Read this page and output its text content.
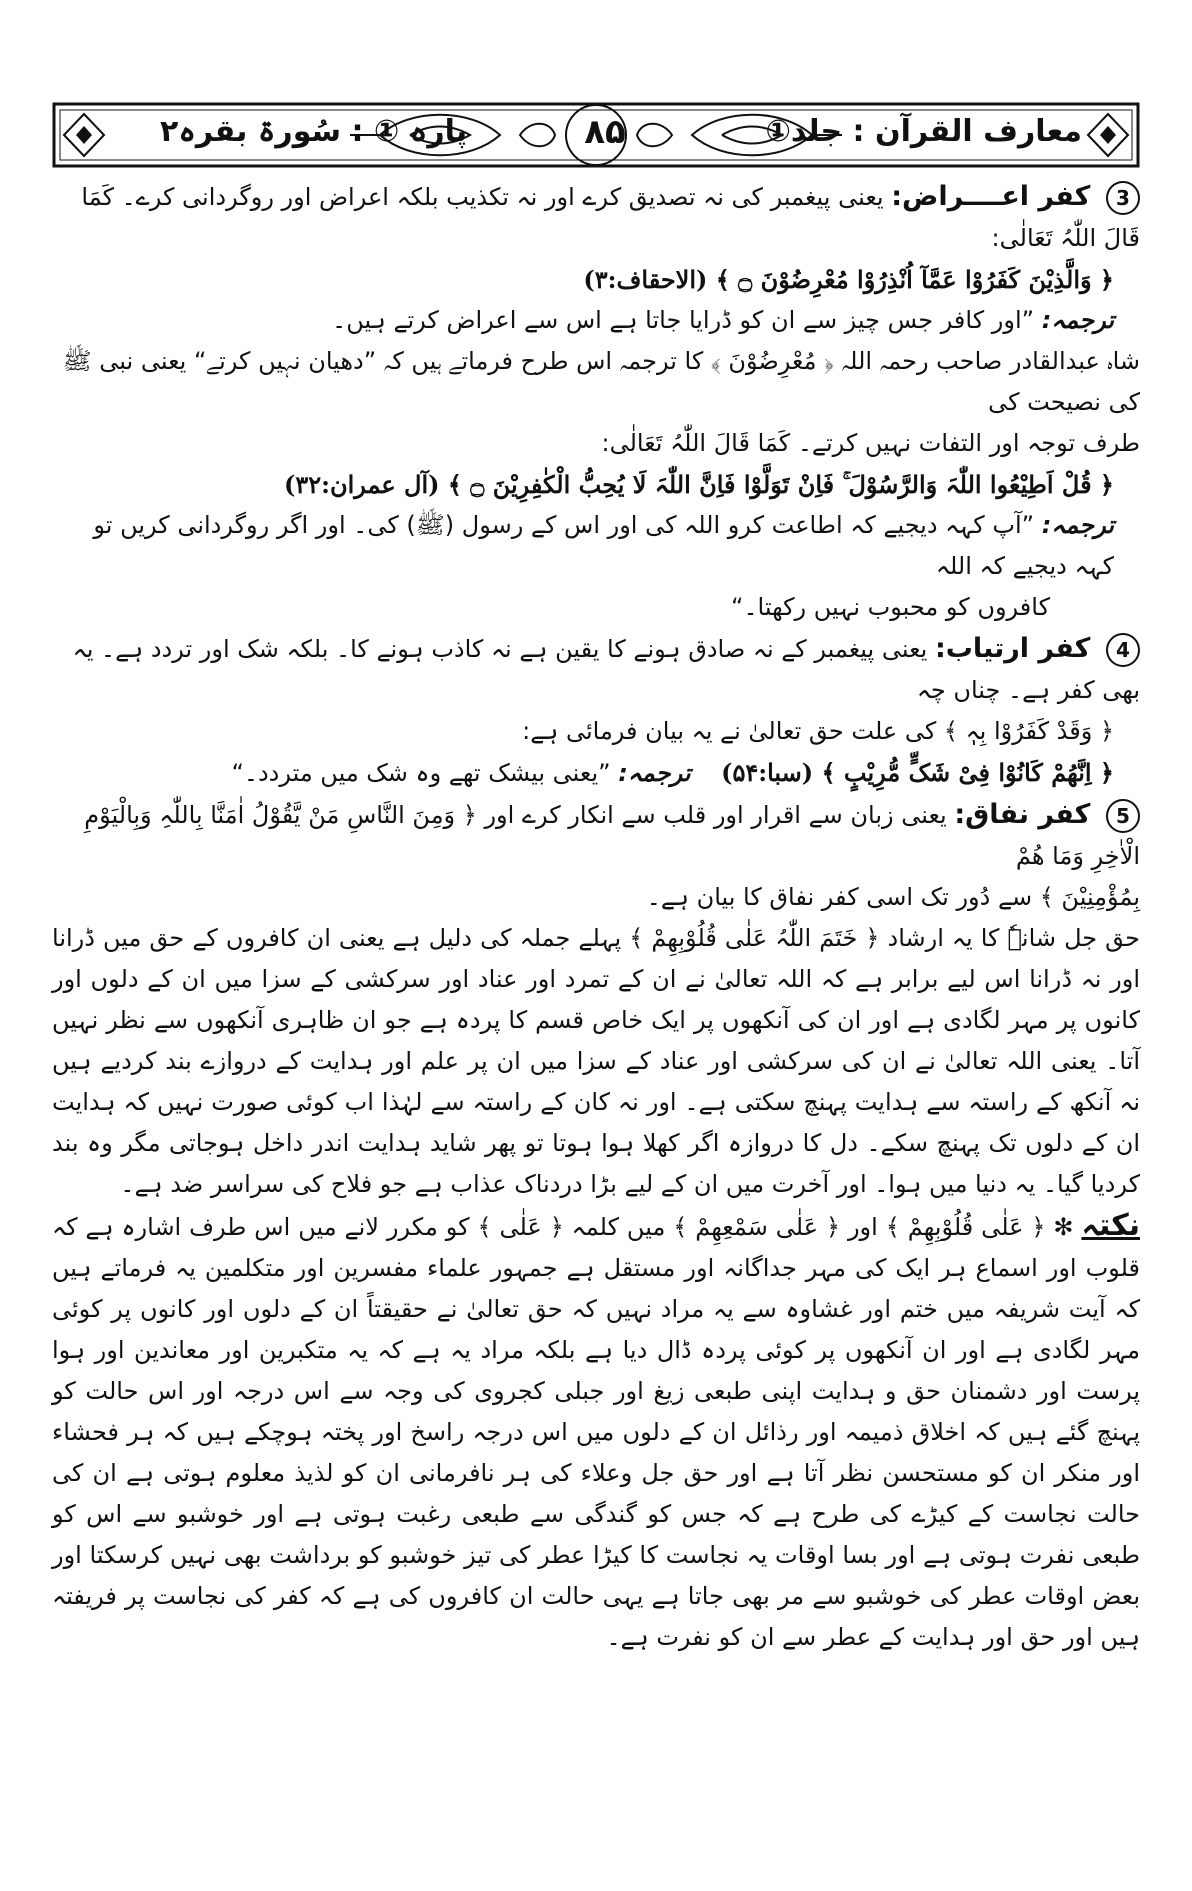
معارف القرآن : جلد①
۸۵
پارہ ① : سُورۃ بقرہ۲

3 کفر اعــــراض: یعنی پیغمبر کی نہ تصدیق کرے اور نہ تکذیب بلکہ اعراض اور روگردانی کرے۔ کَمَا قَالَ اللّٰہُ تَعَالٰی:

﴿ وَالَّذِیْنَ کَفَرُوْا عَمَّآ اُنْذِرُوْا مُعْرِضُوْنَ ۝ ﴾ (الاحقاف:۳)

ترجمہ: ”اور کافر جس چیز سے ان کو ڈرایا جاتا ہے اس سے اعراض کرتے ہیں۔

شاہ عبدالقادر صاحب رحمہ اللہ ﴿ مُعْرِضُوْنَ ﴾ کا ترجمہ اس طرح فرماتے ہیں کہ ”دھیان نہیں کرتے“ یعنی نبی ﷺ کی نصیحت کی

طرف توجہ اور التفات نہیں کرتے۔ کَمَا قَالَ اللّٰہُ تَعَالٰی:

﴿ قُلْ اَطِیْعُوا اللّٰہَ وَالرَّسُوْلَ ۚ فَاِنْ تَوَلَّوْا فَاِنَّ اللّٰہَ لَا یُحِبُّ الْکٰفِرِیْنَ ۝ ﴾ (آل عمران:۳۲)

ترجمہ: ”آپ کہہ دیجیے کہ اطاعت کرو اللہ کی اور اس کے رسول (ﷺ) کی۔ اور اگر روگردانی کریں تو کہہ دیجیے کہ اللہ

کافروں کو محبوب نہیں رکھتا۔“

4 کفر ارتیاب: یعنی پیغمبر کے نہ صادق ہونے کا یقین ہے نہ کاذب ہونے کا۔ بلکہ شک اور تردد ہے۔ یہ بھی کفر ہے۔ چناں چہ

﴿ وَقَدْ کَفَرُوْا بِہٖ ﴾ کی علت حق تعالیٰ نے یہ بیان فرمائی ہے:

﴿ اِنَّھُمْ کَانُوْا فِیْ شَکٍّ مُّرِیْبٍ ﴾ (سبا:۵۴)    ترجمہ: ”یعنی بیشک تھے وہ شک میں متردد۔“

5 کفر نفاق: یعنی زبان سے اقرار اور قلب سے انکار کرے اور ﴿ وَمِنَ النَّاسِ مَنْ یَّقُوْلُ اٰمَنَّا بِاللّٰہِ وَبِالْیَوْمِ الْاٰخِرِ وَمَا ھُمْ

بِمُؤْمِنِیْنَ ﴾ سے دُور تک اسی کفر نفاق کا بیان ہے۔

حق جل شانہٗ کا یہ ارشاد ﴿ خَتَمَ اللّٰہُ عَلٰی قُلُوْبِھِمْ ﴾ پہلے جملہ کی دلیل ہے یعنی ان کافروں کے حق میں ڈرانا اور نہ ڈرانا اس لیے برابر ہے کہ اللہ تعالیٰ نے ان کے تمرد اور عناد اور سرکشی کے سزا میں ان کے دلوں اور کانوں پر مہر لگادی ہے اور ان کی آنکھوں پر ایک خاص قسم کا پردہ ہے جو ان ظاہری آنکھوں سے نظر نہیں آتا۔ یعنی اللہ تعالیٰ نے ان کی سرکشی اور عناد کے سزا میں ان پر علم اور ہدایت کے دروازے بند کردیے ہیں نہ آنکھ کے راستہ سے ہدایت پہنچ سکتی ہے۔ اور نہ کان کے راستہ سے لہٰذا اب کوئی صورت نہیں کہ ہدایت ان کے دلوں تک پہنچ سکے۔ دل کا دروازہ اگر کھلا ہوا ہوتا تو پھر شاید ہدایت اندر داخل ہوجاتی مگر وہ بند کردیا گیا۔ یہ دنیا میں ہوا۔ اور آخرت میں ان کے لیے بڑا دردناک عذاب ہے جو فلاح کی سراسر ضد ہے۔

نکتہ ✻ ﴿ عَلٰی قُلُوْبِھِمْ ﴾ اور ﴿ عَلٰی سَمْعِھِمْ ﴾ میں کلمہ ﴿ عَلٰی ﴾ کو مکرر لانے میں اس طرف اشارہ ہے کہ قلوب اور اسماع ہر ایک کی مہر جداگانہ اور مستقل ہے جمہور علماء مفسرین اور متکلمین یہ فرماتے ہیں کہ آیت شریفہ میں ختم اور غشاوہ سے یہ مراد نہیں کہ حق تعالیٰ نے حقیقتاً ان کے دلوں اور کانوں پر کوئی مہر لگادی ہے اور ان آنکھوں پر کوئی پردہ ڈال دیا ہے بلکہ مراد یہ ہے کہ یہ متکبرین اور معاندین اور ہوا پرست اور دشمنان حق و ہدایت اپنی طبعی زیغ اور جبلی کجروی کی وجہ سے اس درجہ اور اس حالت کو پہنچ گئے ہیں کہ اخلاق ذمیمہ اور رذائل ان کے دلوں میں اس درجہ راسخ اور پختہ ہوچکے ہیں کہ ہر فحشاء اور منکر ان کو مستحسن نظر آتا ہے اور حق جل وعلاء کی ہر نافرمانی ان کو لذیذ معلوم ہوتی ہے ان کی حالت نجاست کے کیڑے کی طرح ہے کہ جس کو گندگی سے طبعی رغبت ہوتی ہے اور خوشبو سے اس کو طبعی نفرت ہوتی ہے اور بسا اوقات یہ نجاست کا کیڑا عطر کی تیز خوشبو کو برداشت بھی نہیں کرسکتا اور بعض اوقات عطر کی خوشبو سے مر بھی جاتا ہے یہی حالت ان کافروں کی ہے کہ کفر کی نجاست پر فریفتہ ہیں اور حق اور ہدایت کے عطر سے ان کو نفرت ہے۔
